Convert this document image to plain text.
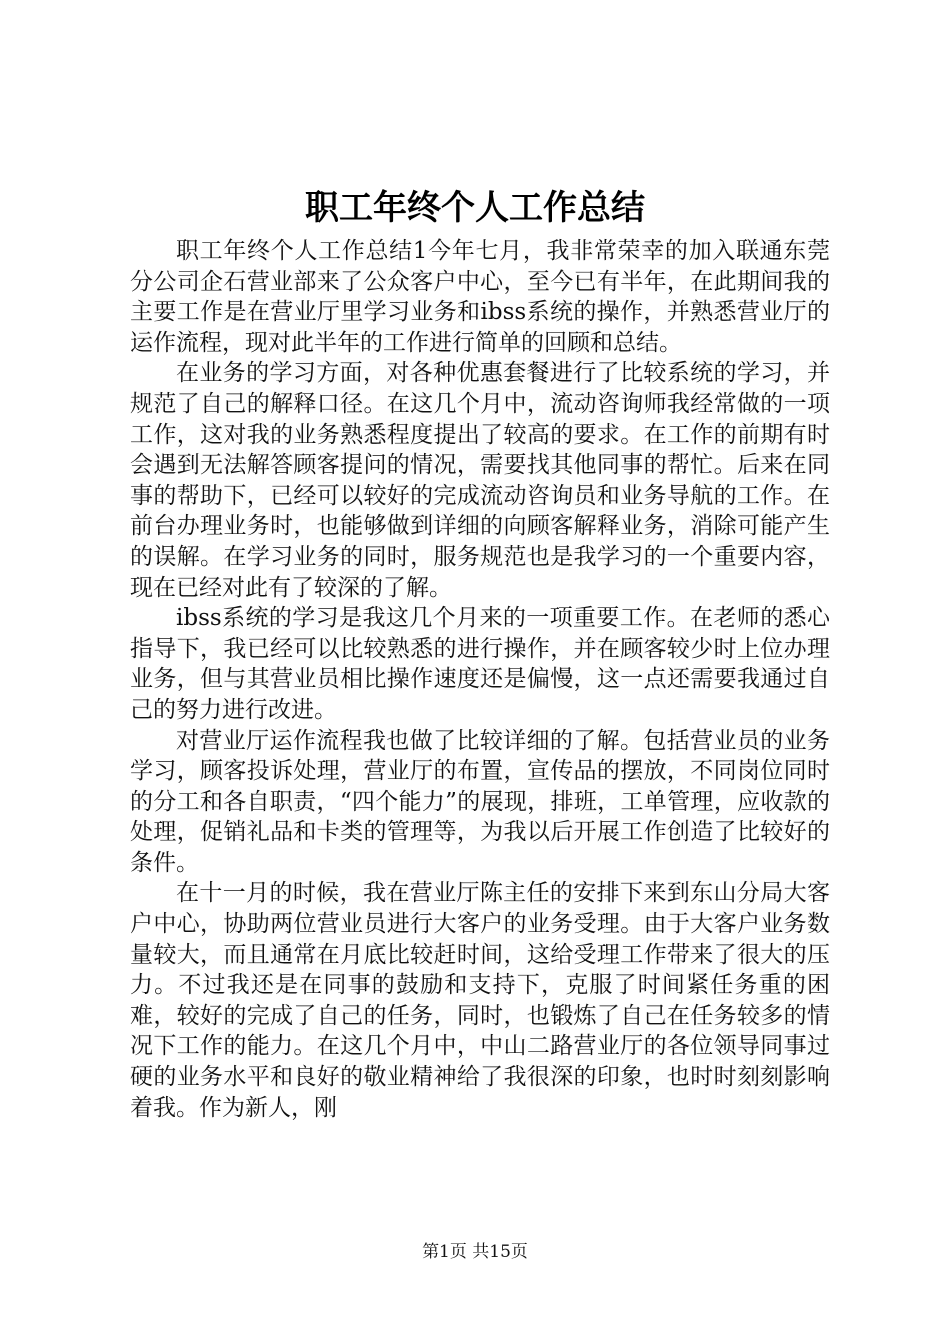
职工年终个人工作总结

职工年终个人工作总结1今年七月，我非常荣幸的加入联通东莞分公司企石营业部来了公众客户中心，至今已有半年，在此期间我的主要工作是在营业厅里学习业务和ibss系统的操作，并熟悉营业厅的运作流程，现对此半年的工作进行简单的回顾和总结。

在业务的学习方面，对各种优惠套餐进行了比较系统的学习，并规范了自己的解释口径。在这几个月中，流动咨询师我经常做的一项工作，这对我的业务熟悉程度提出了较高的要求。在工作的前期有时会遇到无法解答顾客提问的情况，需要找其他同事的帮忙。后来在同事的帮助下，已经可以较好的完成流动咨询员和业务导航的工作。在前台办理业务时，也能够做到详细的向顾客解释业务，消除可能产生的误解。在学习业务的同时，服务规范也是我学习的一个重要内容，现在已经对此有了较深的了解。

ibss系统的学习是我这几个月来的一项重要工作。在老师的悉心指导下，我已经可以比较熟悉的进行操作，并在顾客较少时上位办理业务，但与其营业员相比操作速度还是偏慢，这一点还需要我通过自己的努力进行改进。

对营业厅运作流程我也做了比较详细的了解。包括营业员的业务学习，顾客投诉处理，营业厅的布置，宣传品的摆放，不同岗位同时的分工和各自职责，“四个能力”的展现，排班，工单管理，应收款的处理，促销礼品和卡类的管理等，为我以后开展工作创造了比较好的条件。

在十一月的时候，我在营业厅陈主任的安排下来到东山分局大客户中心，协助两位营业员进行大客户的业务受理。由于大客户业务数量较大，而且通常在月底比较赶时间，这给受理工作带来了很大的压力。不过我还是在同事的鼓励和支持下，克服了时间紧任务重的困难，较好的完成了自己的任务，同时，也锻炼了自己在任务较多的情况下工作的能力。在这几个月中，中山二路营业厅的各位领导同事过硬的业务水平和良好的敬业精神给了我很深的印象，也时时刻刻影响着我。作为新人，刚

第1页 共15页
